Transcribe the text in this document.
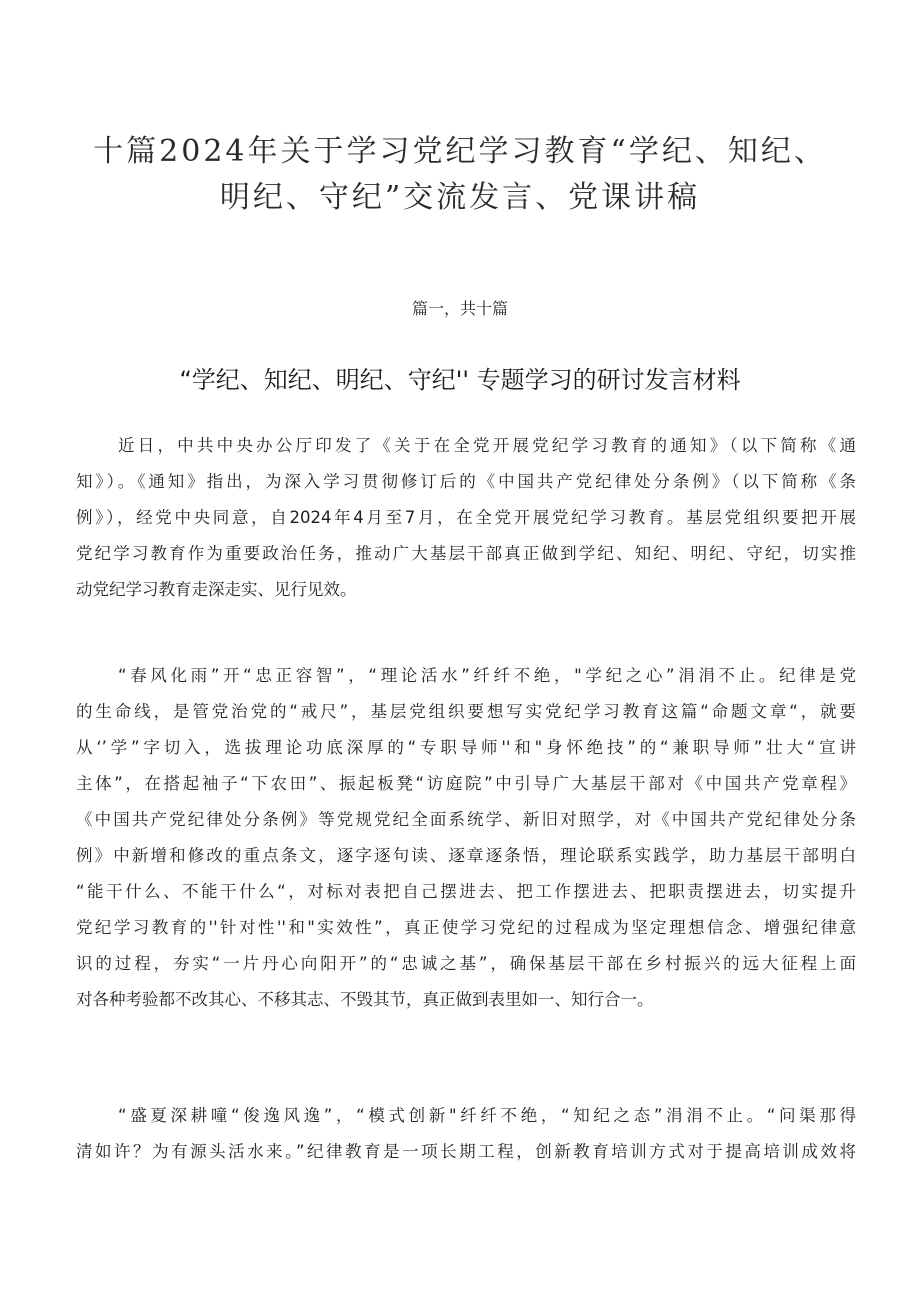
十篇2024年关于学习党纪学习教育“学纪、知纪、
明纪、守纪”交流发言、党课讲稿
篇一，共十篇
“学纪、知纪、明纪、守纪'' 专题学习的研讨发言材料
近日，中共中央办公厅印发了《关于在全党开展党纪学习教育的通知》（以下简称《通
知》）。《通知》指出，为深入学习贯彻修订后的《中国共产党纪律处分条例》（以下简称《条
例》），经党中央同意，自2024年4月至7月，在全党开展党纪学习教育。基层党组织要把开展
党纪学习教育作为重要政治任务，推动广大基层干部真正做到学纪、知纪、明纪、守纪，切实推
动党纪学习教育走深走实、见行见效。
“春风化雨”开“忠正容智”，“理论活水”纤纤不绝，"学纪之心”涓涓不止。纪律是党
的生命线，是管党治党的“戒尺”，基层党组织要想写实党纪学习教育这篇“命题文章“，就要
从‘’学”字切入，选拔理论功底深厚的“专职导师''和"身怀绝技”的“兼职导师”壮大“宣讲
主体”，在搭起袖子“下农田”、振起板凳“访庭院”中引导广大基层干部对《中国共产党章程》
《中国共产党纪律处分条例》等党规党纪全面系统学、新旧对照学，对《中国共产党纪律处分条
例》中新增和修改的重点条文，逐字逐句读、逐章逐条悟，理论联系实践学，助力基层干部明白
“能干什么、不能干什么“，对标对表把自己摆进去、把工作摆进去、把职责摆进去，切实提升
党纪学习教育的''针对性''和"实效性”，真正使学习党纪的过程成为坚定理想信念、增强纪律意
识的过程，夯实“一片丹心向阳开”的“忠诚之基”，确保基层干部在乡村振兴的远大征程上面
对各种考验都不改其心、不移其志、不毁其节，真正做到表里如一、知行合一。
“盛夏深耕噇“俊逸风逸”，“模式创新"纤纤不绝，“知纪之态”涓涓不止。“问渠那得
清如许？为有源头活水来。”纪律教育是一项长期工程，创新教育培训方式对于提高培训成效将
